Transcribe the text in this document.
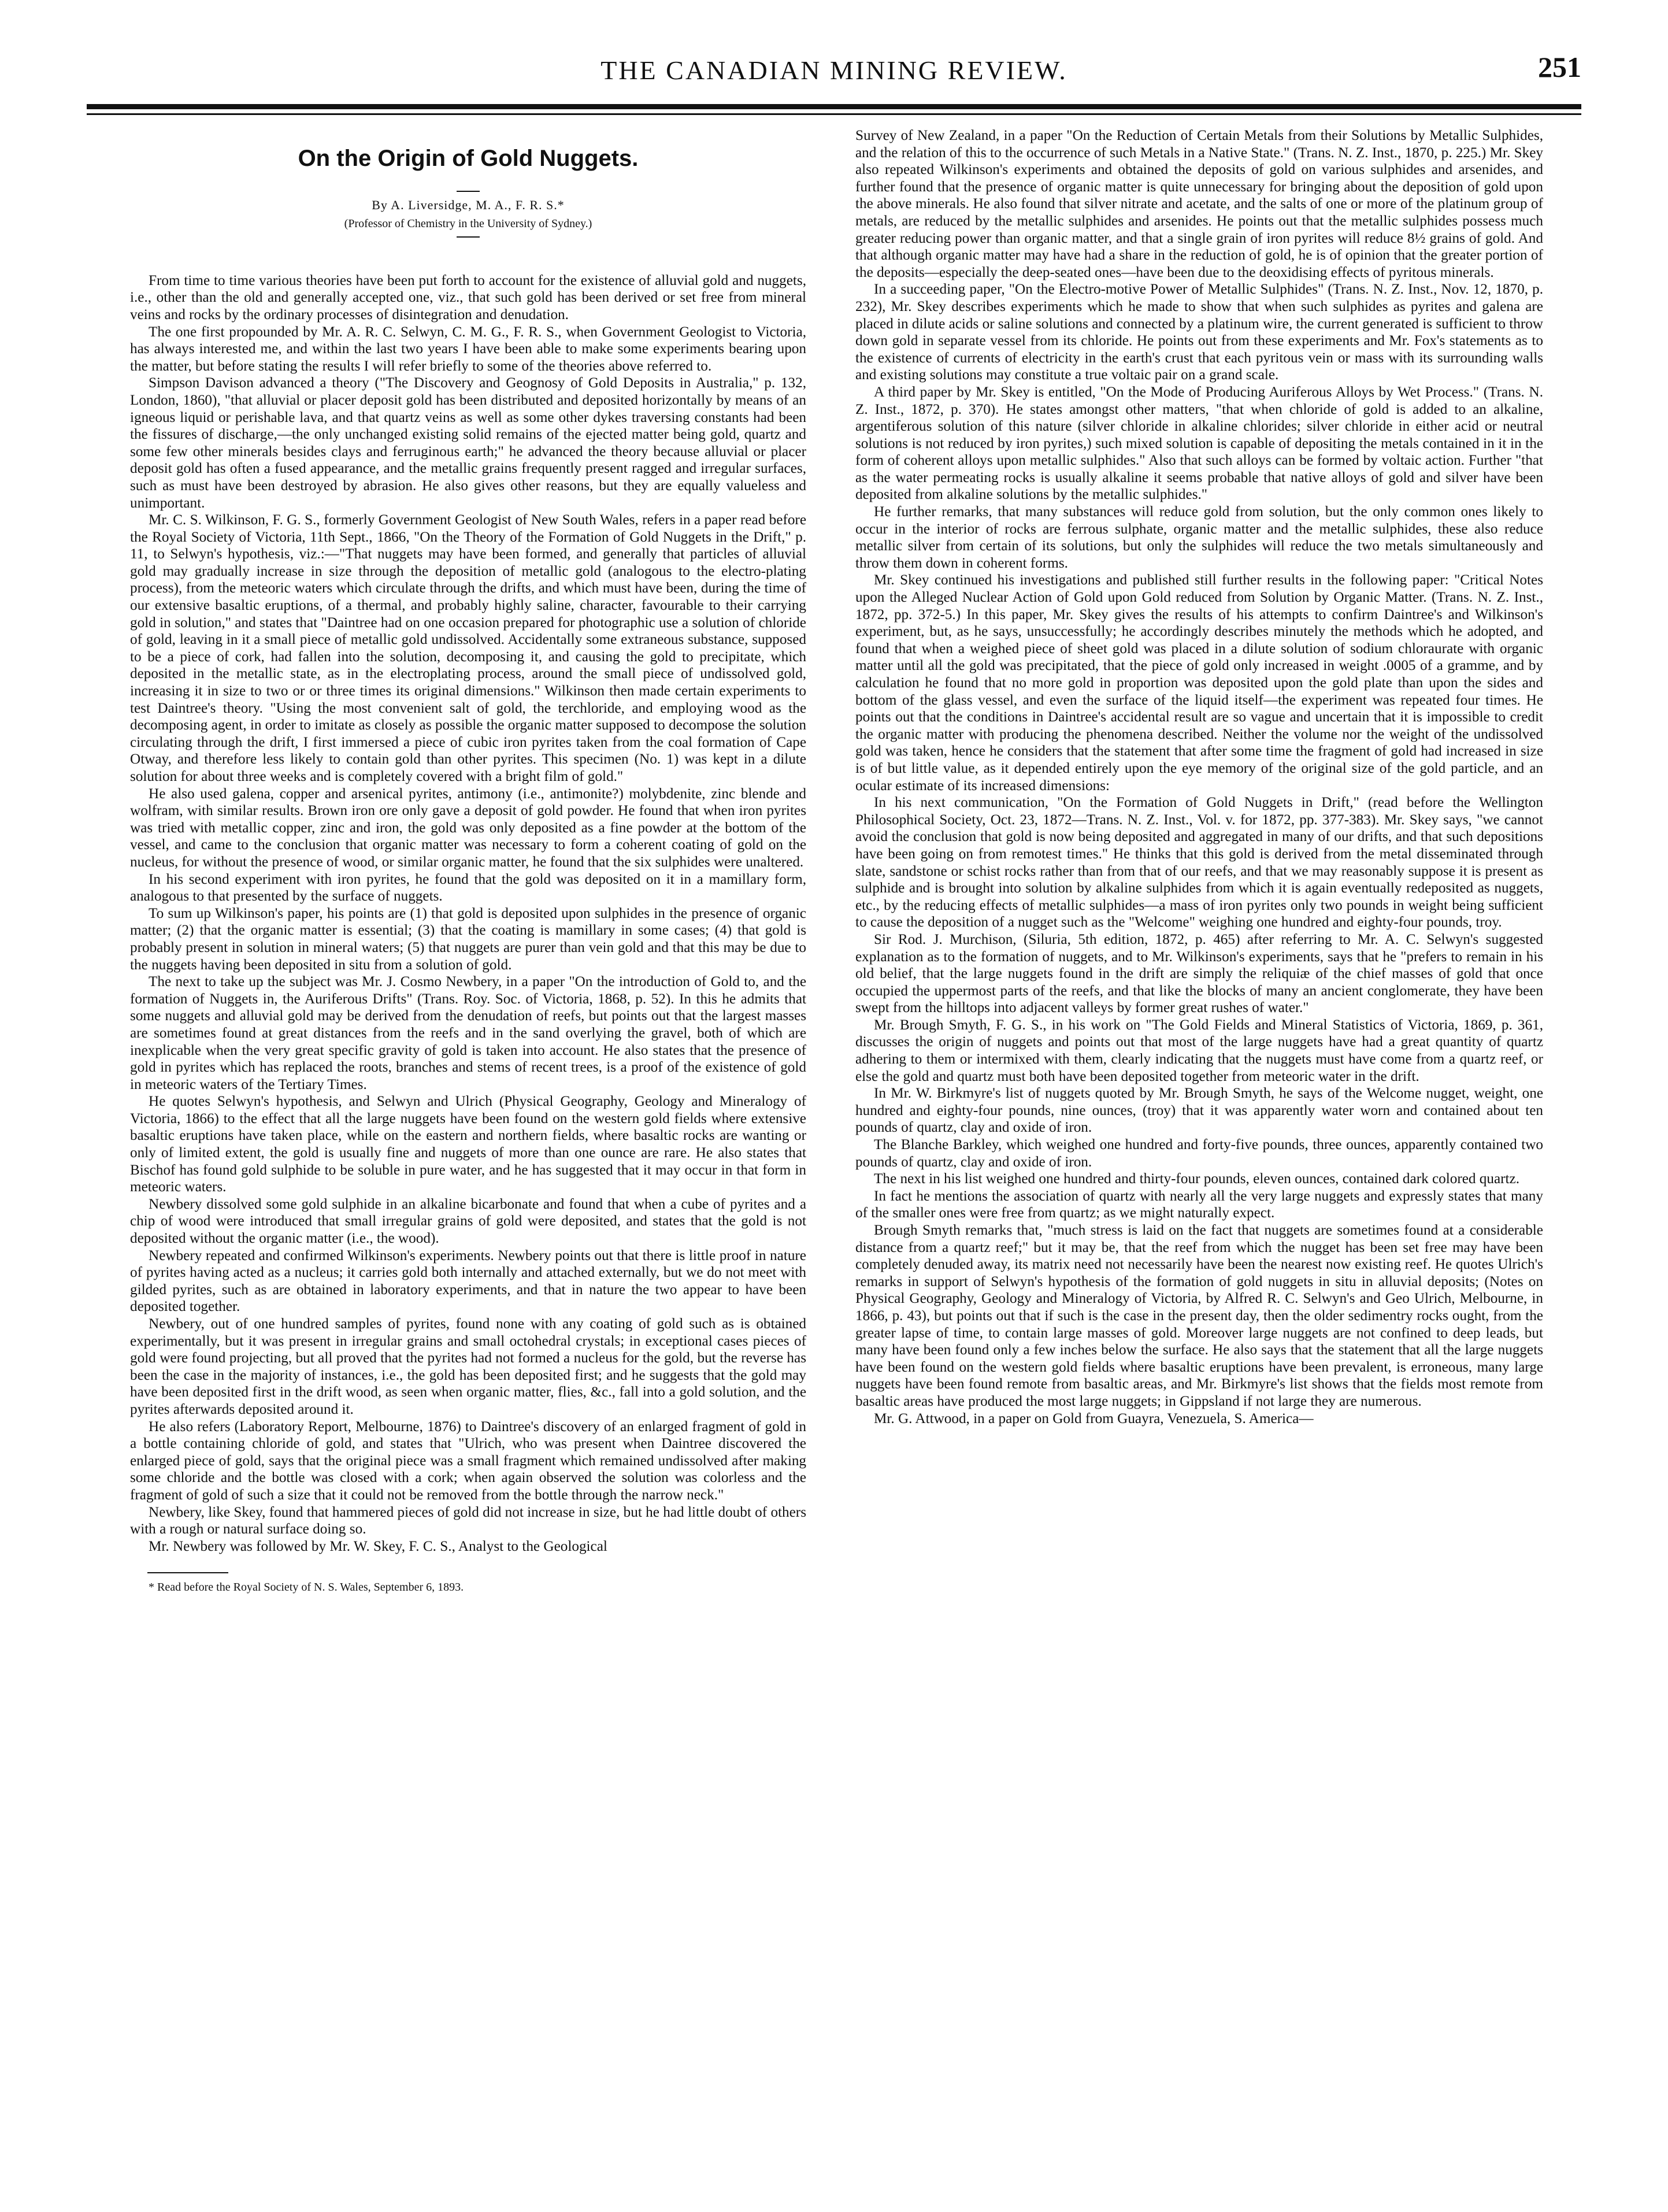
THE CANADIAN MINING REVIEW.	251
On the Origin of Gold Nuggets.
By A. Liversidge, M. A., F. R. S.*
(Professor of Chemistry in the University of Sydney.)

From time to time various theories have been put forth to account for the existence of alluvial gold and nuggets, i.e., other than the old and generally accepted one, viz., that such gold has been derived or set free from mineral veins and rocks by the ordinary processes of disintegration and denudation.

The one first propounded by Mr. A. R. C. Selwyn, C. M. G., F. R. S., when Government Geologist to Victoria, has always interested me, and within the last two years I have been able to make some experiments bearing upon the matter, but before stating the results I will refer briefly to some of the theories above referred to.

Simpson Davison advanced a theory ("The Discovery and Geognosy of Gold Deposits in Australia," p. 132, London, 1860), "that alluvial or placer deposit gold has been distributed and deposited horizontally by means of an igneous liquid or perishable lava, and that quartz veins as well as some other dykes traversing constants had been the fissures of discharge,—the only unchanged existing solid remains of the ejected matter being gold, quartz and some few other minerals besides clays and ferruginous earth;" he advanced the theory because alluvial or placer deposit gold has often a fused appearance, and the metallic grains frequently present ragged and irregular surfaces, such as must have been destroyed by abrasion. He also gives other reasons, but they are equally valueless and unimportant.

Mr. C. S. Wilkinson, F. G. S., formerly Government Geologist of New South Wales, refers in a paper read before the Royal Society of Victoria, 11th Sept., 1866, "On the Theory of the Formation of Gold Nuggets in the Drift," p. 11, to Selwyn's hypothesis, viz.:—"That nuggets may have been formed, and generally that particles of alluvial gold may gradually increase in size through the deposition of metallic gold (analogous to the electro-plating process), from the meteoric waters which circulate through the drifts, and which must have been, during the time of our extensive basaltic eruptions, of a thermal, and probably highly saline, character, favourable to their carrying gold in solution," and states that "Daintree had on one occasion prepared for photographic use a solution of chloride of gold, leaving in it a small piece of metallic gold undissolved. Accidentally some extraneous substance, supposed to be a piece of cork, had fallen into the solution, decomposing it, and causing the gold to precipitate, which deposited in the metallic state, as in the electroplating process, around the small piece of undissolved gold, increasing it in size to two or or three times its original dimensions." Wilkinson then made certain experiments to test Daintree's theory. "Using the most convenient salt of gold, the terchloride, and employing wood as the decomposing agent, in order to imitate as closely as possible the organic matter supposed to decompose the solution circulating through the drift, I first immersed a piece of cubic iron pyrites taken from the coal formation of Cape Otway, and therefore less likely to contain gold than other pyrites. This specimen (No. 1) was kept in a dilute solution for about three weeks and is completely covered with a bright film of gold."

He also used galena, copper and arsenical pyrites, antimony (i.e., antimonite?) molybdenite, zinc blende and wolfram, with similar results. Brown iron ore only gave a deposit of gold powder. He found that when iron pyrites was tried with metallic copper, zinc and iron, the gold was only deposited as a fine powder at the bottom of the vessel, and came to the conclusion that organic matter was necessary to form a coherent coating of gold on the nucleus, for without the presence of wood, or similar organic matter, he found that the six sulphides were unaltered.

In his second experiment with iron pyrites, he found that the gold was deposited on it in a mamillary form, analogous to that presented by the surface of nuggets.

To sum up Wilkinson's paper, his points are (1) that gold is deposited upon sulphides in the presence of organic matter; (2) that the organic matter is essential; (3) that the coating is mamillary in some cases; (4) that gold is probably present in solution in mineral waters; (5) that nuggets are purer than vein gold and that this may be due to the nuggets having been deposited in situ from a solution of gold.

The next to take up the subject was Mr. J. Cosmo Newbery, in a paper "On the introduction of Gold to, and the formation of Nuggets in, the Auriferous Drifts" (Trans. Roy. Soc. of Victoria, 1868, p. 52). In this he admits that some nuggets and alluvial gold may be derived from the denudation of reefs, but points out that the largest masses are sometimes found at great distances from the reefs and in the sand overlying the gravel, both of which are inexplicable when the very great specific gravity of gold is taken into account. He also states that the presence of gold in pyrites which has replaced the roots, branches and stems of recent trees, is a proof of the existence of gold in meteoric waters of the Tertiary Times.

He quotes Selwyn's hypothesis, and Selwyn and Ulrich (Physical Geography, Geology and Mineralogy of Victoria, 1866) to the effect that all the large nuggets have been found on the western gold fields where extensive basaltic eruptions have taken place, while on the eastern and northern fields, where basaltic rocks are wanting or only of limited extent, the gold is usually fine and nuggets of more than one ounce are rare. He also states that Bischof has found gold sulphide to be soluble in pure water, and he has suggested that it may occur in that form in meteoric waters.

Newbery dissolved some gold sulphide in an alkaline bicarbonate and found that when a cube of pyrites and a chip of wood were introduced that small irregular grains of gold were deposited, and states that the gold is not deposited without the organic matter (i.e., the wood).

Newbery repeated and confirmed Wilkinson's experiments. Newbery points out that there is little proof in nature of pyrites having acted as a nucleus; it carries gold both internally and attached externally, but we do not meet with gilded pyrites, such as are obtained in laboratory experiments, and that in nature the two appear to have been deposited together.

Newbery, out of one hundred samples of pyrites, found none with any coating of gold such as is obtained experimentally, but it was present in irregular grains and small octohedral crystals; in exceptional cases pieces of gold were found projecting, but all proved that the pyrites had not formed a nucleus for the gold, but the reverse has been the case in the majority of instances, i.e., the gold has been deposited first; and he suggests that the gold may have been deposited first in the drift wood, as seen when organic matter, flies, &c., fall into a gold solution, and the pyrites afterwards deposited around it.

He also refers (Laboratory Report, Melbourne, 1876) to Daintree's discovery of an enlarged fragment of gold in a bottle containing chloride of gold, and states that "Ulrich, who was present when Daintree discovered the enlarged piece of gold, says that the original piece was a small fragment which remained undissolved after making some chloride and the bottle was closed with a cork; when again observed the solution was colorless and the fragment of gold of such a size that it could not be removed from the bottle through the narrow neck."

Newbery, like Skey, found that hammered pieces of gold did not increase in size, but he had little doubt of others with a rough or natural surface doing so.

Mr. Newbery was followed by Mr. W. Skey, F. C. S., Analyst to the Geological

* Read before the Royal Society of N. S. Wales, September 6, 1893.

Survey of New Zealand, in a paper "On the Reduction of Certain Metals from their Solutions by Metallic Sulphides, and the relation of this to the occurrence of such Metals in a Native State." (Trans. N. Z. Inst., 1870, p. 225.) Mr. Skey also repeated Wilkinson's experiments and obtained the deposits of gold on various sulphides and arsenides, and further found that the presence of organic matter is quite unnecessary for bringing about the deposition of gold upon the above minerals. He also found that silver nitrate and acetate, and the salts of one or more of the platinum group of metals, are reduced by the metallic sulphides and arsenides. He points out that the metallic sulphides possess much greater reducing power than organic matter, and that a single grain of iron pyrites will reduce 8½ grains of gold. And that although organic matter may have had a share in the reduction of gold, he is of opinion that the greater portion of the deposits—especially the deep-seated ones—have been due to the deoxidising effects of pyritous minerals.

In a succeeding paper, "On the Electro-motive Power of Metallic Sulphides" (Trans. N. Z. Inst., Nov. 12, 1870, p. 232), Mr. Skey describes experiments which he made to show that when such sulphides as pyrites and galena are placed in dilute acids or saline solutions and connected by a platinum wire, the current generated is sufficient to throw down gold in separate vessel from its chloride. He points out from these experiments and Mr. Fox's statements as to the existence of currents of electricity in the earth's crust that each pyritous vein or mass with its surrounding walls and existing solutions may constitute a true voltaic pair on a grand scale.

A third paper by Mr. Skey is entitled, "On the Mode of Producing Auriferous Alloys by Wet Process." (Trans. N. Z. Inst., 1872, p. 370). He states amongst other matters, "that when chloride of gold is added to an alkaline, argentiferous solution of this nature (silver chloride in alkaline chlorides; silver chloride in either acid or neutral solutions is not reduced by iron pyrites,) such mixed solution is capable of depositing the metals contained in it in the form of coherent alloys upon metallic sulphides." Also that such alloys can be formed by voltaic action. Further "that as the water permeating rocks is usually alkaline it seems probable that native alloys of gold and silver have been deposited from alkaline solutions by the metallic sulphides."

He further remarks, that many substances will reduce gold from solution, but the only common ones likely to occur in the interior of rocks are ferrous sulphate, organic matter and the metallic sulphides, these also reduce metallic silver from certain of its solutions, but only the sulphides will reduce the two metals simultaneously and throw them down in coherent forms.

Mr. Skey continued his investigations and published still further results in the following paper: "Critical Notes upon the Alleged Nuclear Action of Gold upon Gold reduced from Solution by Organic Matter. (Trans. N. Z. Inst., 1872, pp. 372-5.) In this paper, Mr. Skey gives the results of his attempts to confirm Daintree's and Wilkinson's experiment, but, as he says, unsuccessfully; he accordingly describes minutely the methods which he adopted, and found that when a weighed piece of sheet gold was placed in a dilute solution of sodium chloraurate with organic matter until all the gold was precipitated, that the piece of gold only increased in weight .0005 of a gramme, and by calculation he found that no more gold in proportion was deposited upon the gold plate than upon the sides and bottom of the glass vessel, and even the surface of the liquid itself—the experiment was repeated four times. He points out that the conditions in Daintree's accidental result are so vague and uncertain that it is impossible to credit the organic matter with producing the phenomena described. Neither the volume nor the weight of the undissolved gold was taken, hence he considers that the statement that after some time the fragment of gold had increased in size is of but little value, as it depended entirely upon the eye memory of the original size of the gold particle, and an ocular estimate of its increased dimensions:

In his next communication, "On the Formation of Gold Nuggets in Drift," (read before the Wellington Philosophical Society, Oct. 23, 1872—Trans. N. Z. Inst., Vol. v. for 1872, pp. 377-383). Mr. Skey says, "we cannot avoid the conclusion that gold is now being deposited and aggregated in many of our drifts, and that such depositions have been going on from remotest times." He thinks that this gold is derived from the metal disseminated through slate, sandstone or schist rocks rather than from that of our reefs, and that we may reasonably suppose it is present as sulphide and is brought into solution by alkaline sulphides from which it is again eventually redeposited as nuggets, etc., by the reducing effects of metallic sulphides—a mass of iron pyrites only two pounds in weight being sufficient to cause the deposition of a nugget such as the "Welcome" weighing one hundred and eighty-four pounds, troy.

Sir Rod. J. Murchison, (Siluria, 5th edition, 1872, p. 465) after referring to Mr. A. C. Selwyn's suggested explanation as to the formation of nuggets, and to Mr. Wilkinson's experiments, says that he "prefers to remain in his old belief, that the large nuggets found in the drift are simply the reliquiæ of the chief masses of gold that once occupied the uppermost parts of the reefs, and that like the blocks of many an ancient conglomerate, they have been swept from the hilltops into adjacent valleys by former great rushes of water."

Mr. Brough Smyth, F. G. S., in his work on "The Gold Fields and Mineral Statistics of Victoria, 1869, p. 361, discusses the origin of nuggets and points out that most of the large nuggets have had a great quantity of quartz adhering to them or intermixed with them, clearly indicating that the nuggets must have come from a quartz reef, or else the gold and quartz must both have been deposited together from meteoric water in the drift.

In Mr. W. Birkmyre's list of nuggets quoted by Mr. Brough Smyth, he says of the Welcome nugget, weight, one hundred and eighty-four pounds, nine ounces, (troy) that it was apparently water worn and contained about ten pounds of quartz, clay and oxide of iron.

The Blanche Barkley, which weighed one hundred and forty-five pounds, three ounces, apparently contained two pounds of quartz, clay and oxide of iron.

The next in his list weighed one hundred and thirty-four pounds, eleven ounces, contained dark colored quartz.

In fact he mentions the association of quartz with nearly all the very large nuggets and expressly states that many of the smaller ones were free from quartz; as we might naturally expect.

Brough Smyth remarks that, "much stress is laid on the fact that nuggets are sometimes found at a considerable distance from a quartz reef;" but it may be, that the reef from which the nugget has been set free may have been completely denuded away, its matrix need not necessarily have been the nearest now existing reef. He quotes Ulrich's remarks in support of Selwyn's hypothesis of the formation of gold nuggets in situ in alluvial deposits; (Notes on Physical Geography, Geology and Mineralogy of Victoria, by Alfred R. C. Selwyn's and Geo Ulrich, Melbourne, in 1866, p. 43), but points out that if such is the case in the present day, then the older sedimentry rocks ought, from the greater lapse of time, to contain large masses of gold. Moreover large nuggets are not confined to deep leads, but many have been found only a few inches below the surface. He also says that the statement that all the large nuggets have been found on the western gold fields where basaltic eruptions have been prevalent, is erroneous, many large nuggets have been found remote from basaltic areas, and Mr. Birkmyre's list shows that the fields most remote from basaltic areas have produced the most large nuggets; in Gippsland if not large they are numerous.

Mr. G. Attwood, in a paper on Gold from Guayra, Venezuela, S. America—
